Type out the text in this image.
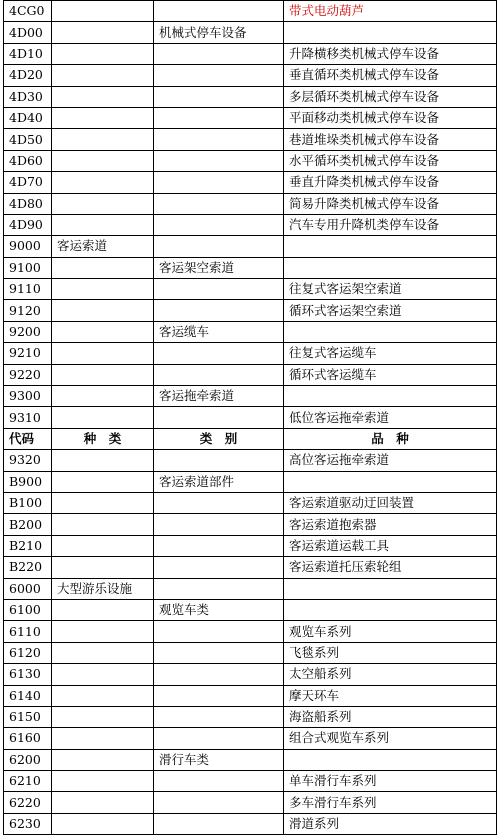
4CG0			带式电动葫芦
4D00		机械式停车设备	
4D10			升降横移类机械式停车设备
4D20			垂直循环类机械式停车设备
4D30			多层循环类机械式停车设备
4D40			平面移动类机械式停车设备
4D50			巷道堆垛类机械式停车设备
4D60			水平循环类机械式停车设备
4D70			垂直升降类机械式停车设备
4D80			简易升降类机械式停车设备
4D90			汽车专用升降机类停车设备
9000	客运索道		
9100		客运架空索道	
9110			往复式客运架空索道
9120			循环式客运架空索道
9200		客运缆车	
9210			往复式客运缆车
9220			循环式客运缆车
9300		客运拖牵索道	
9310			低位客运拖牵索道
代码	种　类	类　别	品　种
9320			高位客运拖牵索道
B900		客运索道部件	
B100			客运索道驱动迂回装置
B200			客运索道抱索器
B210			客运索道运载工具
B220			客运索道托压索轮组
6000	大型游乐设施		
6100		观览车类	
6110			观览车系列
6120			飞毯系列
6130			太空船系列
6140			摩天环车
6150			海盗船系列
6160			组合式观览车系列
6200		滑行车类	
6210			单车滑行车系列
6220			多车滑行车系列
6230			滑道系列
